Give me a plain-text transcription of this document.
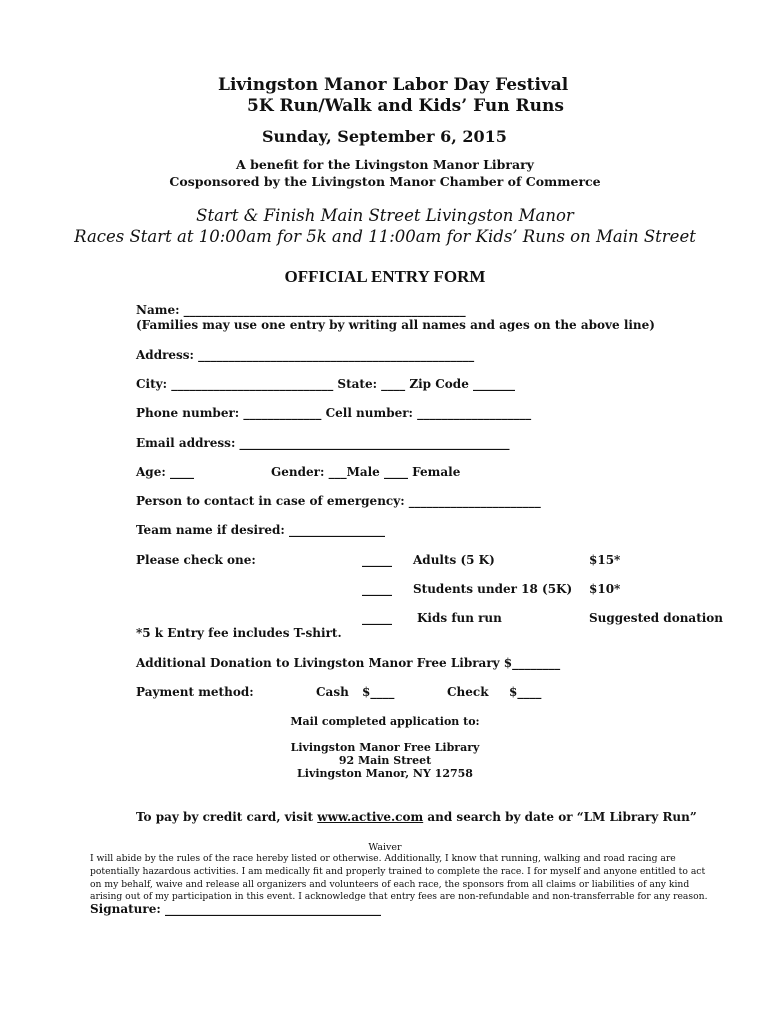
Livingston Manor Labor Day Festival
5K Run/Walk and Kids’ Fun Runs
Sunday, September 6, 2015
A benefit for the Livingston Manor Library
Cosponsored by the Livingston Manor Chamber of Commerce
Start & Finish Main Street Livingston Manor
Races Start at 10:00am for 5k and 11:00am for Kids’ Runs on Main Street
OFFICIAL ENTRY FORM
Name: _______________________________________________
(Families may use one entry by writing all names and ages on the above line)
Address: ______________________________________________
City: ___________________________ State: ____ Zip Code _______
Phone number: _____________ Cell number: ___________________
Email address: _____________________________________________
Age: ____	Gender: ___Male ____ Female
Person to contact in case of emergency: ______________________
Team name if desired: ________________
Please check one:	_____ Adults (5 K)	$15*
_____ Students under 18 (5K) $10*
_____ Kids fun run	Suggested donation
*5 k Entry fee includes T-shirt.
Additional Donation to Livingston Manor Free Library $________
Payment method:	Cash $____	Check $____
Mail completed application to:
Livingston Manor Free Library
92 Main Street
Livingston Manor, NY 12758
To pay by credit card, visit www.active.com and search by date or “LM Library Run”
Waiver
I will abide by the rules of the race hereby listed or otherwise. Additionally, I know that running, walking and road racing are
potentially hazardous activities. I am medically fit and properly trained to complete the race. I for myself and anyone entitled to act
on my behalf, waive and release all organizers and volunteers of each race, the sponsors from all claims or liabilities of any kind
arising out of my participation in this event. I acknowledge that entry fees are non-refundable and non-transferrable for any reason.
Signature: ____________________________________
